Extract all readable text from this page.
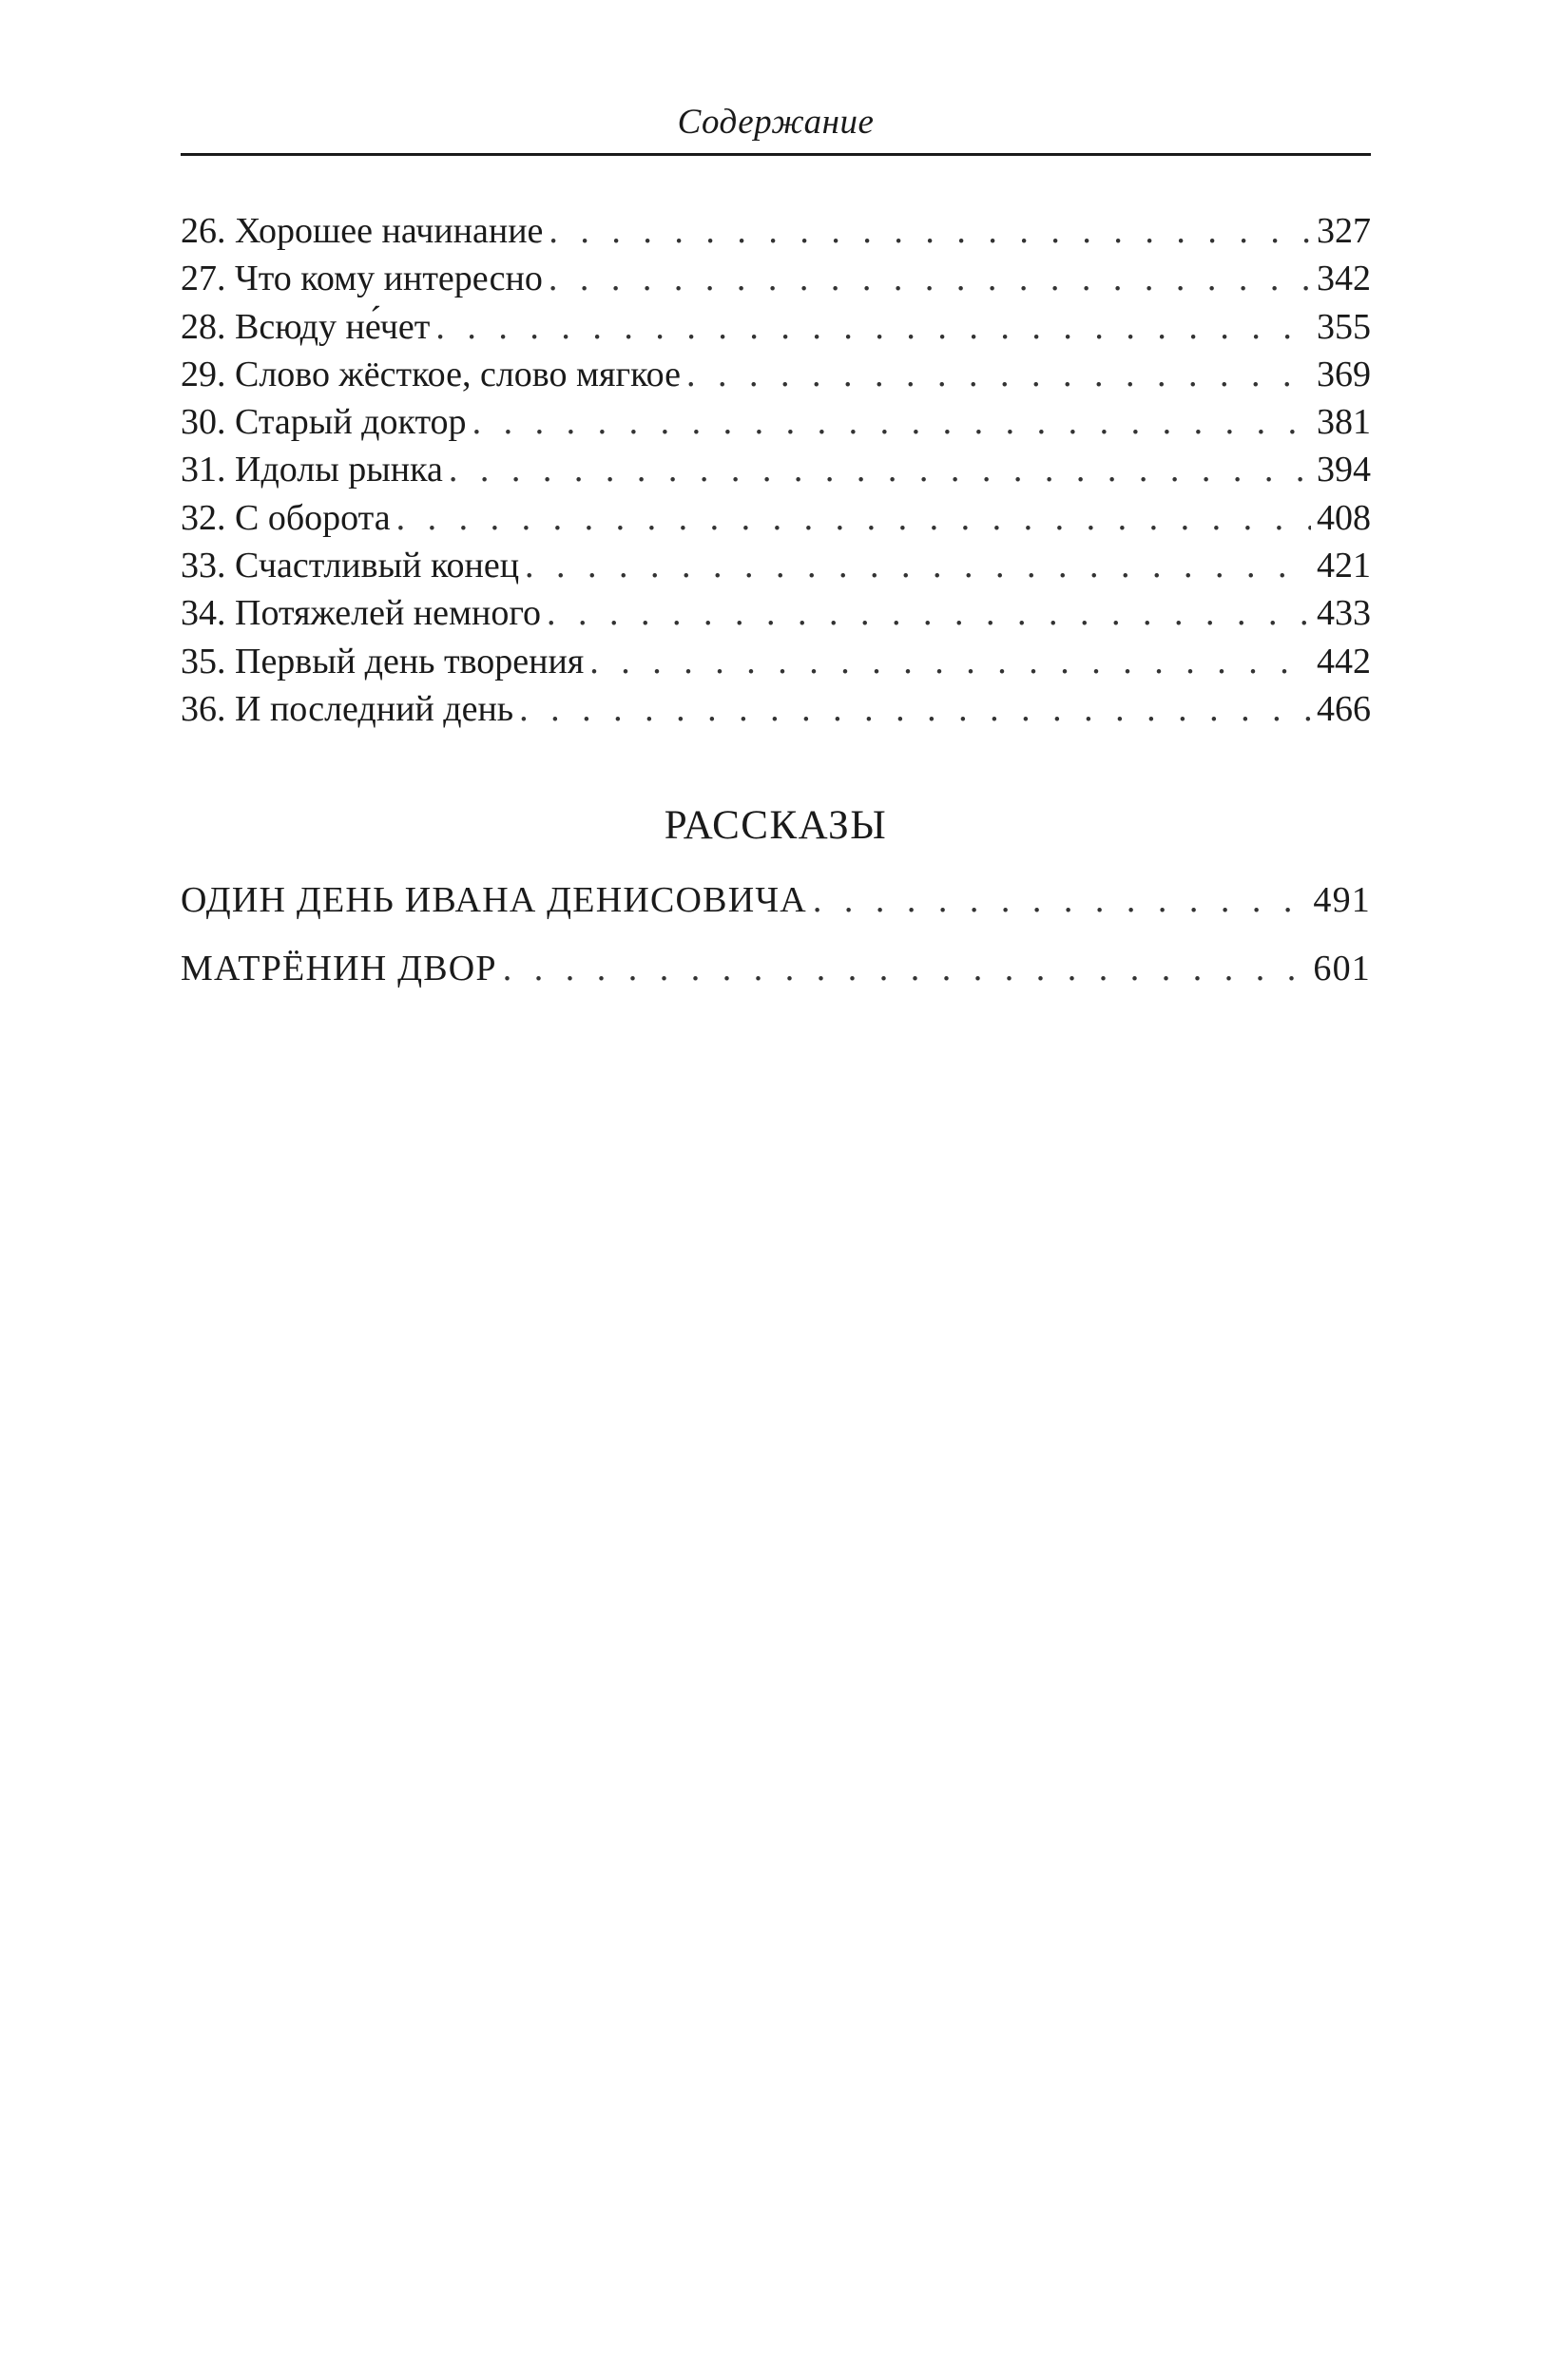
Содержание
26. Хорошее начинание . . .	327
27. Что кому интересно . . .	342
28. Всюду не́чет . . .	355
29. Слово жёсткое, слово мягкое . . .	369
30. Старый доктор . . .	381
31. Идолы рынка . . .	394
32. С оборота . . .	408
33. Счастливый конец . . .	421
34. Потяжелей немного . . .	433
35. Первый день творения . . .	442
36. И последний день . . .	466
РАССКАЗЫ
ОДИН ДЕНЬ ИВАНА ДЕНИСОВИЧА . . .	491
МАТРЁНИН ДВОР . . .	601
